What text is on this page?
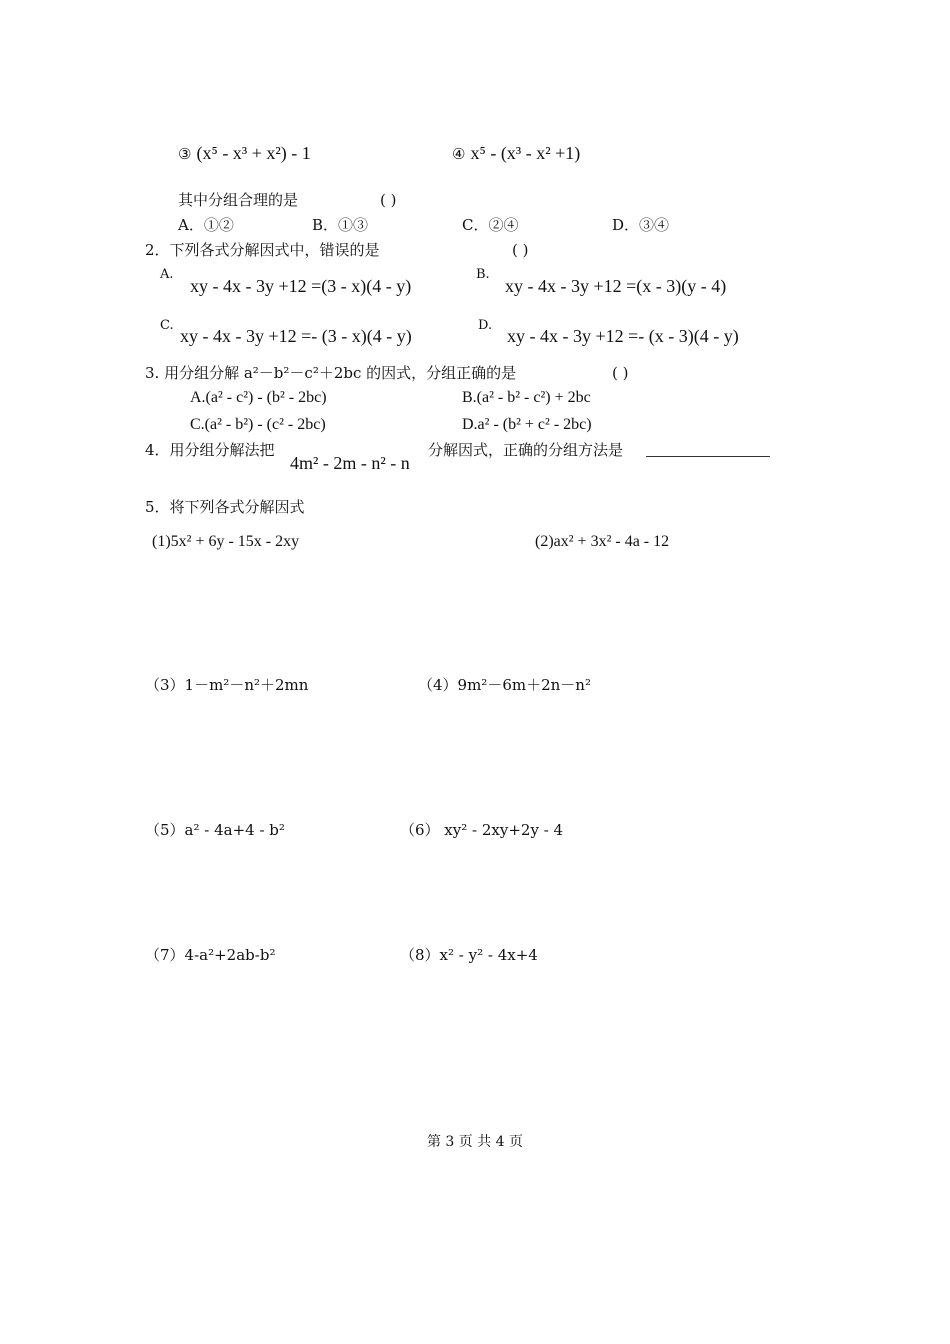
③ (x⁵ - x³ + x²) - 1	④ x⁵ - (x³ - x² +1)
其中分组合理的是	( )
A．①②	B．①③	C．②④	D．③④
2．下列各式分解因式中，错误的是	( )
A.
xy - 4x - 3y +12 =(3 - x)(4 - y)
B.
xy - 4x - 3y +12 =(x - 3)(y - 4)
C.
xy - 4x - 3y +12 =- (3 - x)(4 - y)
D.
xy - 4x - 3y +12 =- (x - 3)(4 - y)
3. 用分组分解 a²－b²－c²＋2bc 的因式，分组正确的是	( )
A.(a² - c²) - (b² - 2bc)	B.(a² - b² - c²) + 2bc
C.(a² - b²) - (c² - 2bc)	D.a² - (b² + c² - 2bc)
4．用分组分解法把
4m² - 2m - n² - n
分解因式，正确的分组方法是
5．将下列各式分解因式
(1)5x² + 6y - 15x - 2xy	(2)ax² + 3x² - 4a - 12
（3）1－m²－n²＋2mn	（4）9m²－6m＋2n－n²
（5）a² - 4a+4 - b²	（6） xy² - 2xy+2y - 4
（7）4-a²+2ab-b²	（8）x² - y² - 4x+4
第 3 页 共 4 页
